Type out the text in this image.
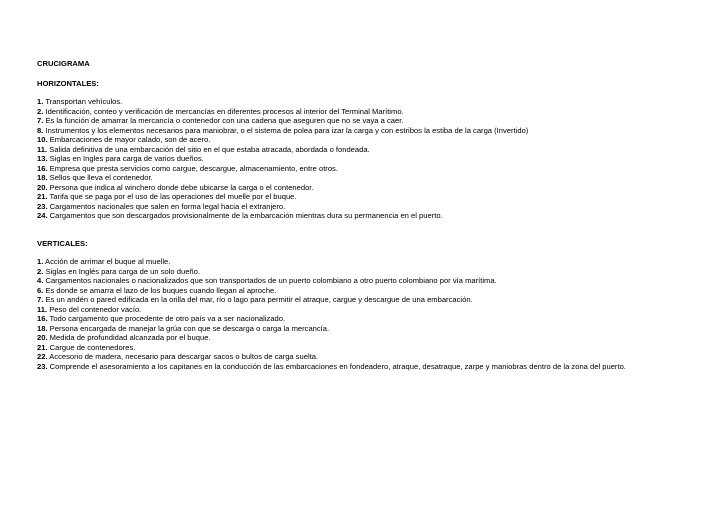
CRUCIGRAMA
HORIZONTALES:
1. Transportan vehículos.
2. Identificación, conteo y verificación de mercancías en diferentes procesos al interior del Terminal Marítimo.
7. Es la función de amarrar la mercancía o contenedor con una cadena que aseguren que no se vaya a caer.
8. Instrumentos y los elementos necesarios para maniobrar, o el sistema de polea para izar la carga y con estribos la estiba de la carga (Invertido)
10. Embarcaciones de mayor calado, son de acero.
11. Salida definitiva de una embarcación del sitio en el que estaba atracada, abordada o fondeada.
13. Siglas en Ingles para carga de varios dueños.
16. Empresa que presta servicios como cargue, descargue, almacenamiento, entre otros.
18. Sellos que lleva el contenedor.
20. Persona que indica al winchero donde debe ubicarse la carga o el contenedor.
21. Tarifa que se paga por el uso de las operaciones del muelle por el buque.
23. Cargamentos nacionales que salen en forma legal hacia el extranjero.
24. Cargamentos que son descargados provisionalmente de la embarcación mientras dura su permanencia en el puerto.
VERTICALES:
1. Acción de arrimar el buque al muelle.
2. Siglas en Inglés para carga de un solo dueño.
4. Cargamentos nacionales o nacionalizados que son transportados de un puerto colombiano a otro puerto colombiano por vía marítima.
6. Es donde se amarra el lazo de los buques cuando llegan al aproche.
7. Es un andén o pared edificada en la orilla del mar, río o lago para permitir el atraque, cargue y descargue de una embarcación.
11. Peso del contenedor vacío.
16. Todo cargamento que procedente de otro país va a ser nacionalizado.
18. Persona encargada de manejar la grúa con que se descarga o carga la mercancía.
20. Medida de profundidad alcanzada por el buque.
21. Cargue de contenedores.
22. Accesorio de madera, necesario para descargar sacos o bultos de carga suelta.
23. Comprende el asesoramiento a los capitanes en la conducción de las embarcaciones en fondeadero, atraque, desatraque, zarpe y maniobras dentro de la zona del puerto.
